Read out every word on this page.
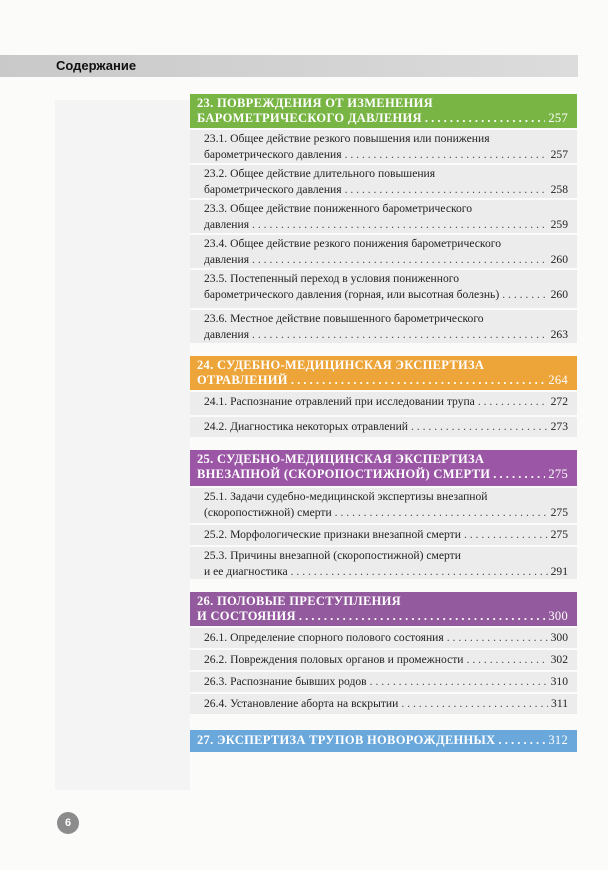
Содержание
23. ПОВРЕЖДЕНИЯ ОТ ИЗМЕНЕНИЯ
БАРОМЕТРИЧЕСКОГО ДАВЛЕНИЯ . . .	257
23.1. Общее действие резкого повышения или понижения
барометрического давления . . .	257
23.2. Общее действие длительного повышения
барометрического давления . . .	258
23.3. Общее действие пониженного барометрического
давления . . .	259
23.4. Общее действие резкого понижения барометрического
давления . . .	260
23.5. Постепенный переход в условия пониженного
барометрического давления (горная, или высотная болезнь) . . .	260
23.6. Местное действие повышенного барометрического
давления . . .	263
24. СУДЕБНО-МЕДИЦИНСКАЯ ЭКСПЕРТИЗА
ОТРАВЛЕНИЙ . . .	264
24.1. Распознание отравлений при исследовании трупа . . .	272
24.2. Диагностика некоторых отравлений . . .	273
25. СУДЕБНО-МЕДИЦИНСКАЯ ЭКСПЕРТИЗА
ВНЕЗАПНОЙ (СКОРОПОСТИЖНОЙ) СМЕРТИ . . .	275
25.1. Задачи судебно-медицинской экспертизы внезапной
(скоропостижной) смерти . . .	275
25.2. Морфологические признаки внезапной смерти . . .	275
25.3. Причины внезапной (скоропостижной) смерти
и ее диагностика . . .	291
26. ПОЛОВЫЕ ПРЕСТУПЛЕНИЯ
И СОСТОЯНИЯ . . .	300
26.1. Определение спорного полового состояния . . .	300
26.2. Повреждения половых органов и промежности . . .	302
26.3. Распознание бывших родов . . .	310
26.4. Установление аборта на вскрытии . . .	311
27. ЭКСПЕРТИЗА ТРУПОВ НОВОРОЖДЕННЫХ . . .	312
6
